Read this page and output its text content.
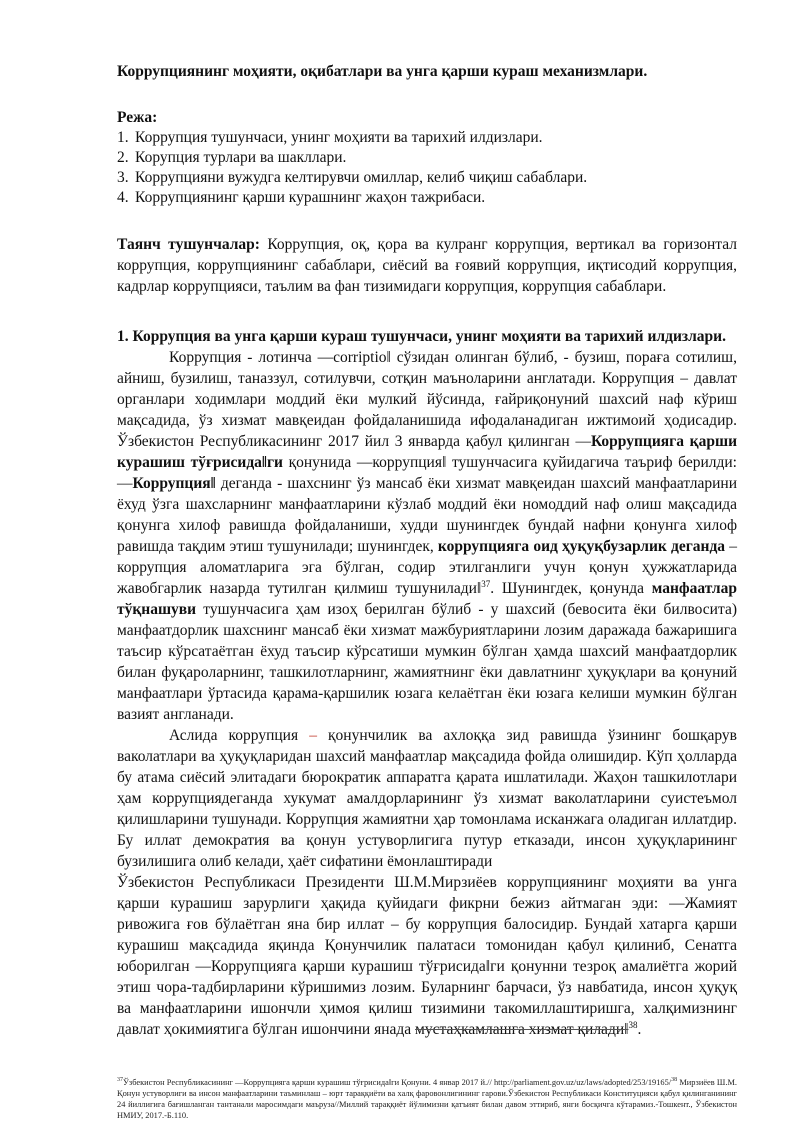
Коррупциянинг моҳияти, оқибатлари ва унга қарши кураш механизмлари.
Режа:
1. Коррупция тушунчаси, унинг моҳияти ва тарихий илдизлари.
2. Корупция турлари ва шакллари.
3. Коррупцияни вужудга келтирувчи омиллар, келиб чиқиш сабаблари.
4. Коррупциянинг қарши курашнинг жаҳон тажрибаси.

Таянч тушунчалар: Коррупция, оқ, қора ва кулранг коррупция, вертикал ва горизонтал коррупция, коррупциянинг сабаблари, сиёсий ва ғоявий коррупция, иқтисодий коррупция, кадрлар коррупцияси, таълим ва фан тизимидаги коррупция, коррупция сабаблари.

1. Коррупция ва унга қарши кураш тушунчаси, унинг моҳияти ва тарихий илдизлари.

Коррупция - лотинча ―corriptio‖ сўзидан олинган бўлиб, - бузиш, пораға сотилиш, айниш, бузилиш, таназзул, сотилувчи, сотқин маъноларини англатади. Коррупция – давлат органлари ходимлари моддий ёки мулкий йўсинда, ғайриқонуний шахсий наф кўриш мақсадида, ўз хизмат мавқеидан фойдаланишида ифодаланадиган ижтимоий ҳодисадир. Ўзбекистон Республикасининг 2017 йил 3 январда қабул қилинган ―Коррупцияга қарши курашиш тўғрисида‖ги қонунида ―коррупция‖ тушунчасига қуйидагича таъриф берилди: ―Коррупция‖ деганда - шахснинг ўз мансаб ёки хизмат мавқеидан шахсий манфаатларини ёхуд ўзга шахсларнинг манфаатларини кўзлаб моддий ёки номоддий наф олиш мақсадида қонунга хилоф равишда фойдаланиши, худди шунингдек бундай нафни қонунга хилоф равишда тақдим этиш тушунилади; шунингдек, коррупцияга оид ҳуқуқбузарлик деганда – коррупция аломатларига эга бўлган, содир этилганлиги учун қонун ҳужжатларида жавобгарлик назарда тутилган қилмиш тушунилади‖$^{37}$. Шунингдек, қонунда манфаатлар тўқнашуви тушунчасига ҳам изоҳ берилган бўлиб - у шахсий (бевосита ёки билвосита) манфаатдорлик шахснинг мансаб ёки хизмат мажбуриятларини лозим даражада бажаришига таъсир кўрсатаётган ёхуд таъсир кўрсатиши мумкин бўлган ҳамда шахсий манфаатдорлик билан фуқароларнинг, ташкилотларнинг, жамиятнинг ёки давлатнинг ҳуқуқлари ва қонуний манфаатлари ўртасида қарама-қаршилик юзага келаётган ёки юзага келиши мумкин бўлган вазият англанади.

Аслида коррупция – қонунчилик ва ахлоққа зид равишда ўзининг бошқарув ваколатлари ва ҳуқуқларидан шахсий манфаатлар мақсадида фойда олишидир. Кўп ҳолларда бу атама сиёсий элитадаги бюрократик аппаратга қарата ишлатилади. Жаҳон ташкилотлари ҳам коррупциядеганда хукумат амалдорларининг ўз хизмат ваколатларини суистеъмол қилишларини тушунади. Коррупция жамиятни ҳар томонлама исканжага оладиган иллатдир. Бу иллат демократия ва қонун устуворлигига путур етказади, инсон ҳуқуқларининг бузилишига олиб келади, ҳаёт сифатини ёмонлаштиради

Ўзбекистон Республикаси Президенти Ш.М.Мирзиёев коррупциянинг моҳияти ва унга қарши курашиш зарурлиги ҳақида қуйидаги фикрни бежиз айтмаган эди: ―Жамият ривожига ғов бўлаётган яна бир иллат – бу коррупция балосидир. Бундай хатарга қарши курашиш мақсадида яқинда Қонунчилик палатаси томонидан қабул қилиниб, Сенатга юборилган ―Коррупцияга қарши курашиш тўғрисида‖ги қонунни тезроқ амалиётга жорий этиш чора-тадбирларини кўришимиз лозим. Буларнинг барчаси, ўз навбатида, инсон ҳуқуқ ва манфаатларини ишончли ҳимоя қилиш тизимини такомиллаштиришга, халқимизнинг давлат ҳокимиятига бўлган ишончини янада мустаҳкамлашга хизмат қилади‖$^{38}$.

$^{37}$Ўзбекистон Республикасининг ―Коррупцияга қарши курашиш тўғрисида‖ги Қонуни. 4 январ 2017 й.// http://parliament.gov.uz/uz/laws/adopted/253/19165/$^{38}$ Мирзиёев Ш.М. Қонун устуворлиги ва инсон манфаатларини таъминлаш – юрт тараққиёти ва халқ фаровонлигининг гарови.Ўзбекистон Республикаси Конституцияси қабул қилинганининг 24 йиллигига бағишланган тантанали маросимдаги маъруза//Миллий тараққиёт йўлимизни қатъият билан давом эттириб, янги босқичга кўтарамиз.-Тошкент., Ўзбекистон НМИУ, 2017.-Б.110.
